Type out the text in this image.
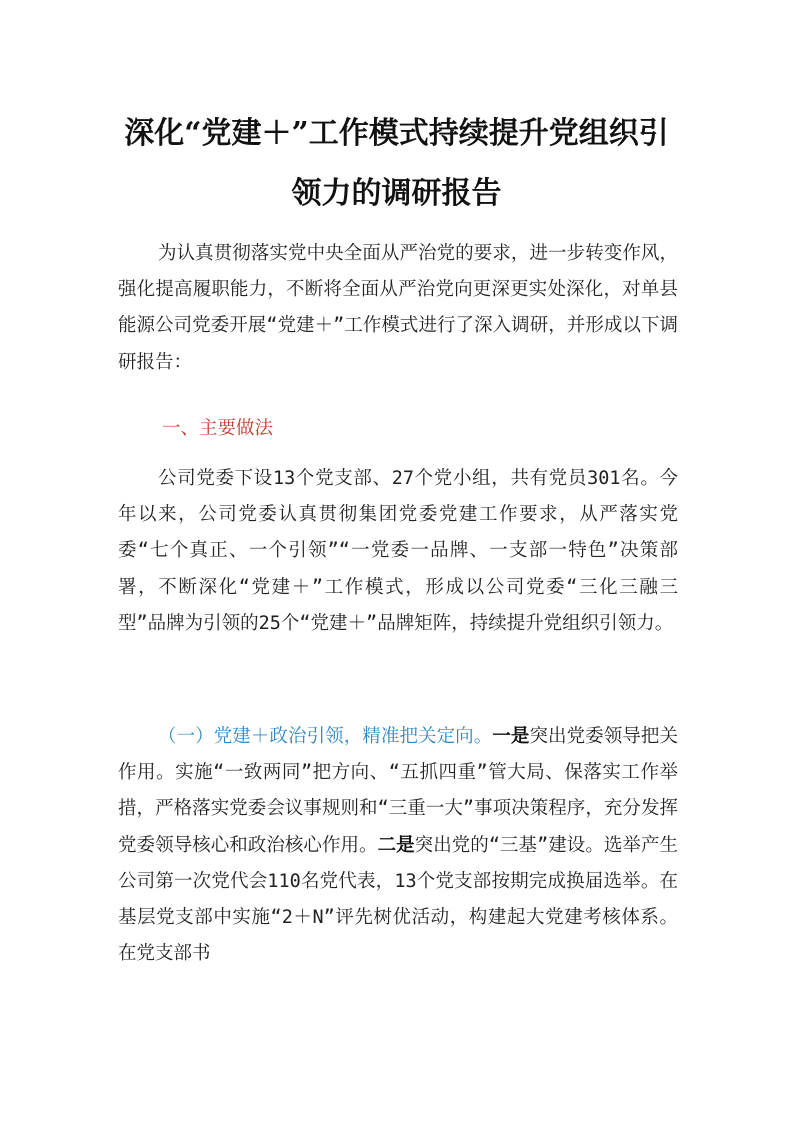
深化“党建＋”工作模式持续提升党组织引
领力的调研报告

为认真贯彻落实党中央全面从严治党的要求，进一步转变作风，强化提高履职能力，不断将全面从严治党向更深更实处深化，对单县能源公司党委开展“党建＋”工作模式进行了深入调研，并形成以下调研报告：

一、主要做法

公司党委下设13个党支部、27个党小组，共有党员301名。今年以来，公司党委认真贯彻集团党委党建工作要求，从严落实党委“七个真正、一个引领”“一党委一品牌、一支部一特色”决策部署，不断深化“党建＋”工作模式，形成以公司党委“三化三融三型”品牌为引领的25个“党建＋”品牌矩阵，持续提升党组织引领力。

（一）党建＋政治引领，精准把关定向。一是突出党委领导把关作用。实施“一致两同”把方向、“五抓四重”管大局、保落实工作举措，严格落实党委会议事规则和“三重一大”事项决策程序，充分发挥党委领导核心和政治核心作用。二是突出党的“三基”建设。选举产生公司第一次党代会110名党代表，13个党支部按期完成换届选举。在基层党支部中实施“2＋N”评先树优活动，构建起大党建考核体系。在党支部书
